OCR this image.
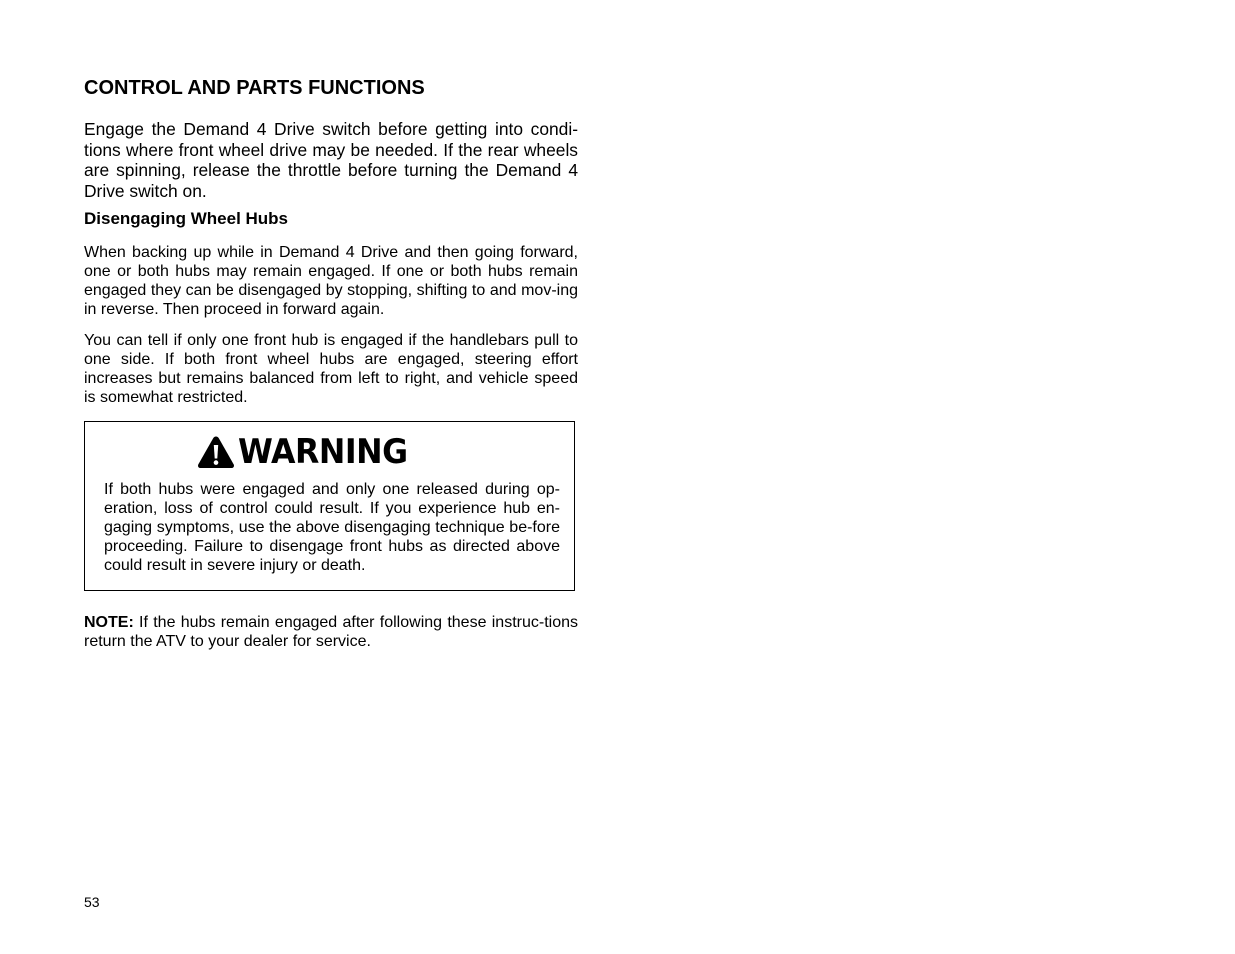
CONTROL AND PARTS FUNCTIONS

Engage the Demand 4 Drive switch before getting into condi-tions where front wheel drive may be needed. If the rear wheels are spinning, release the throttle before turning the Demand 4 Drive switch on.

Disengaging Wheel Hubs

When backing up while in Demand 4 Drive and then going forward, one or both hubs may remain engaged. If one or both hubs remain engaged they can be disengaged by stopping, shifting to and mov-ing in reverse. Then proceed in forward again.

You can tell if only one front hub is engaged if the handlebars pull to one side. If both front wheel hubs are engaged, steering effort increases but remains balanced from left to right, and vehicle speed is somewhat restricted.

WARNING

If both hubs were engaged and only one released during op-eration, loss of control could result. If you experience hub en-gaging symptoms, use the above disengaging technique be-fore proceeding. Failure to disengage front hubs as directed above could result in severe injury or death.

NOTE: If the hubs remain engaged after following these instruc-tions return the ATV to your dealer for service.

53
